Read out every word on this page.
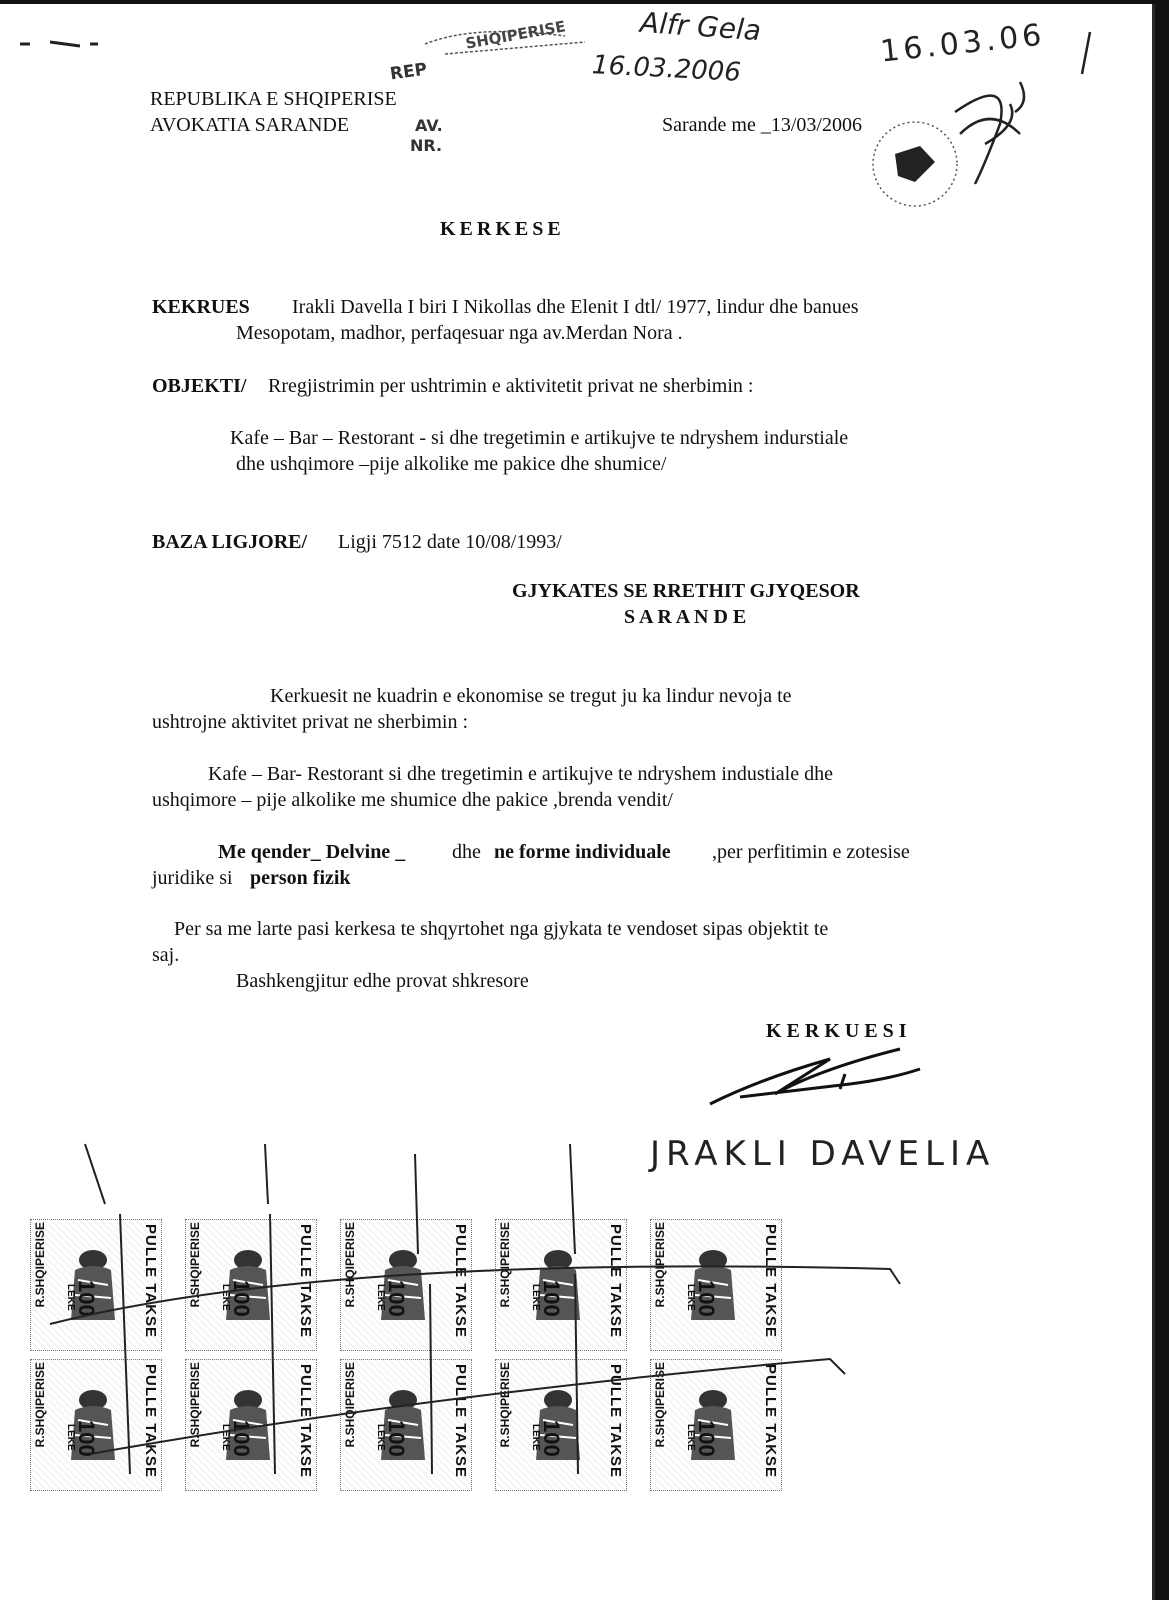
REPUBLIKA E SHQIPERISE
AVOKATIA SARANDE	Sarande me _13/03/2006
REP
SHQIPERISE
AV.
NR.
Alfr Gela
16.03.2006	16.03.06
KERKESE
KEKRUES Irakli Davella I biri I Nikollas dhe Elenit I dtl/ 1977, lindur dhe banues
Mesopotam, madhor, perfaqesuar nga av.Merdan Nora .
OBJEKTI/ Rregjistrimin per ushtrimin e aktivitetit privat ne sherbimin :
Kafe – Bar – Restorant - si dhe tregetimin e artikujve te ndryshem indurstiale
dhe ushqimore –pije alkolike me pakice dhe shumice/
BAZA LIGJORE/ Ligji 7512 date 10/08/1993/
GJYKATES SE RRETHIT GJYQESOR
S A R A N D E
Kerkuesit ne kuadrin e ekonomise se tregut ju ka lindur nevoja te
ushtrojne aktivitet privat ne sherbimin :
Kafe – Bar- Restorant si dhe tregetimin e artikujve te ndryshem industiale dhe
ushqimore – pije alkolike me shumice dhe pakice ,brenda vendit/
Me qender_ Delvine _ dhe ne forme individuale ,per perfitimin e zotesise
juridike si person fizik
Per sa me larte pasi kerkesa te shqyrtohet nga gjykata te vendoset sipas objektit te
saj.
Bashkengjitur edhe provat shkresore
K E R K U E S I
JRAKLI DAVELIA
R.SHQIPERISE	PULLE TAKSE
100
LEKE	R.SHQIPERISE	PULLE TAKSE
100
LEKE	R.SHQIPERISE	PULLE TAKSE
100
LEKE	R.SHQIPERISE	PULLE TAKSE
100
LEKE	R.SHQIPERISE	PULLE TAKSE
100
LEKE
R.SHQIPERISE	PULLE TAKSE
100
LEKE	R.SHQIPERISE	PULLE TAKSE
100
LEKE	R.SHQIPERISE	PULLE TAKSE
100
LEKE	R.SHQIPERISE	PULLE TAKSE
100
LEKE	R.SHQIPERISE	PULLE TAKSE
100
LEKE
